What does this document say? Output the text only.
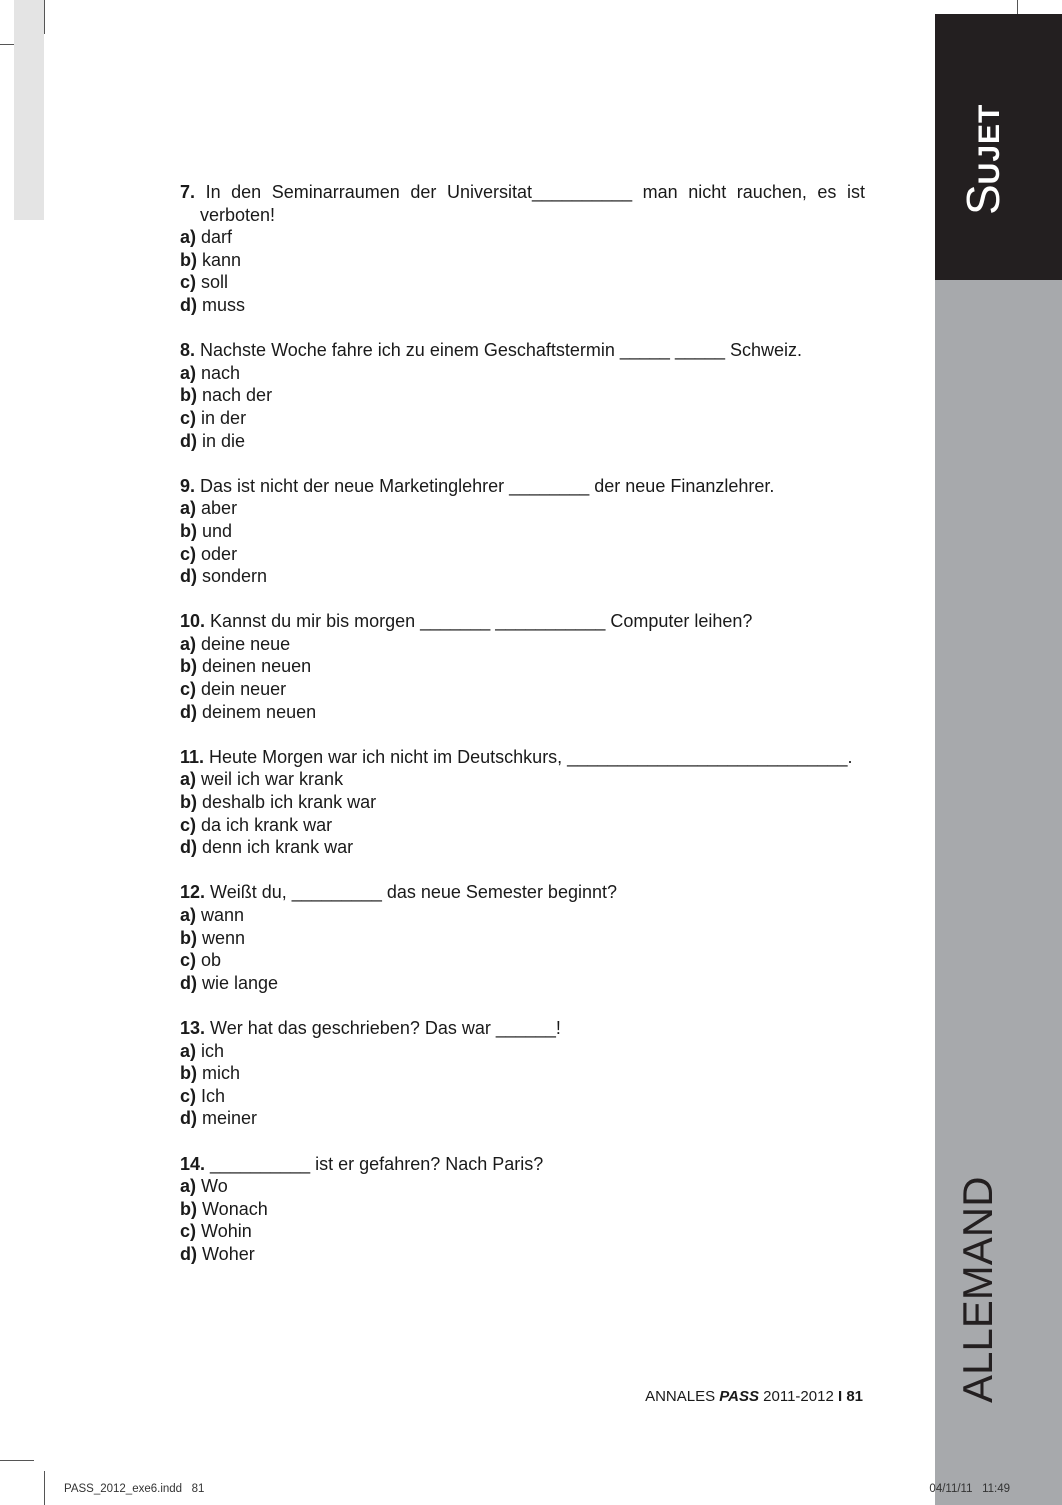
SUJET
ALLEMAND
7. In den Seminarraumen der Universitat__________ man nicht rauchen, es ist verboten!
a) darf
b) kann
c) soll
d) muss
8. Nachste Woche fahre ich zu einem Geschaftstermin _____ _____ Schweiz.
a) nach
b) nach der
c) in der
d) in die
9. Das ist nicht der neue Marketinglehrer ________ der neue Finanzlehrer.
a) aber
b) und
c) oder
d) sondern
10. Kannst du mir bis morgen _______ ___________ Computer leihen?
a) deine neue
b) deinen neuen
c) dein neuer
d) deinem neuen
11. Heute Morgen war ich nicht im Deutschkurs, ____________________________.
a) weil ich war krank
b) deshalb ich krank war
c) da ich krank war
d) denn ich krank war
12. Weißt du, _________ das neue Semester beginnt?
a) wann
b) wenn
c) ob
d) wie lange
13. Wer hat das geschrieben? Das war ______!
a) ich
b) mich
c) Ich
d) meiner
14. __________ ist er gefahren? Nach Paris?
a) Wo
b) Wonach
c) Wohin
d) Woher
ANNALES PASS 2011-2012 I 81
PASS_2012_exe6.indd   81	04/11/11   11:49
